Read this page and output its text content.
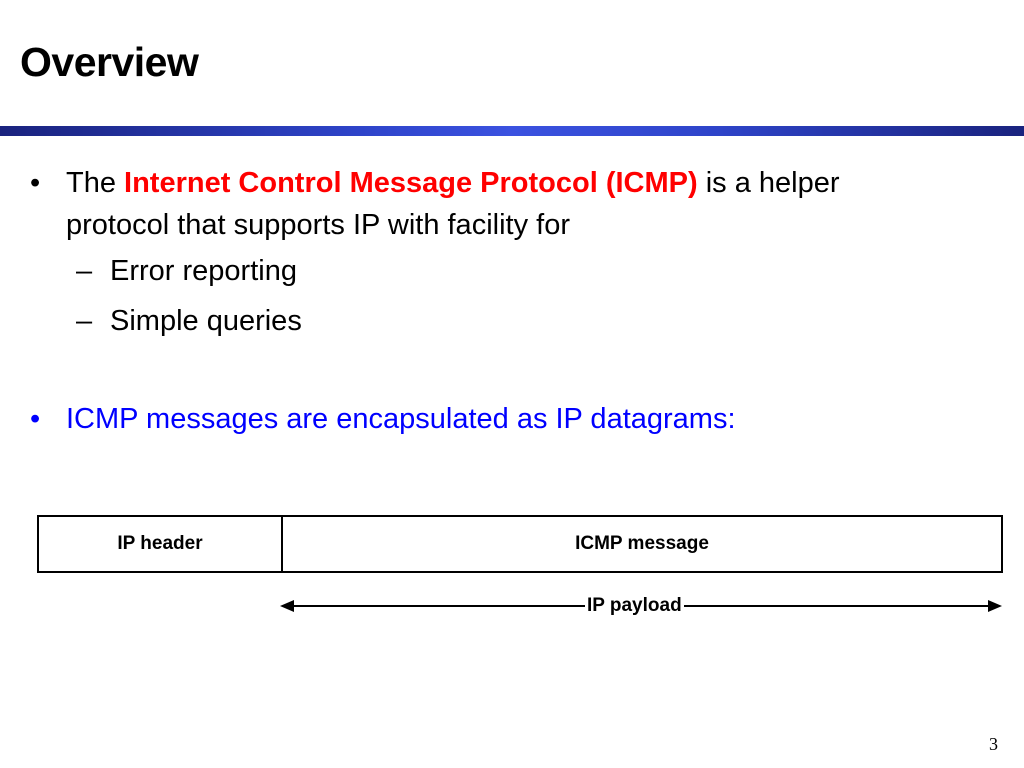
Overview
• The Internet Control Message Protocol (ICMP) is a helper protocol that supports IP with facility for
– Error reporting
– Simple queries
• ICMP messages are encapsulated as IP datagrams:
IP header	ICMP message
IP payload
3
